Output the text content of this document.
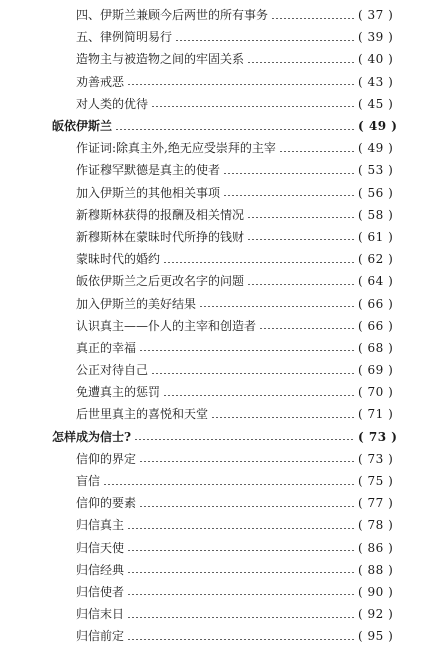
四、伊斯兰兼顾今后两世的所有事务	( 37 )
五、律例简明易行	( 39 )
造物主与被造物之间的牢固关系	( 40 )
劝善戒恶	( 43 )
对人类的优待	( 45 )
皈依伊斯兰	( 49 )
作证词:除真主外,绝无应受崇拜的主宰	( 49 )
作证穆罕默德是真主的使者	( 53 )
加入伊斯兰的其他相关事项	( 56 )
新穆斯林获得的报酬及相关情况	( 58 )
新穆斯林在蒙昧时代所挣的钱财	( 61 )
蒙昧时代的婚约	( 62 )
皈依伊斯兰之后更改名字的问题	( 64 )
加入伊斯兰的美好结果	( 66 )
认识真主——仆人的主宰和创造者	( 66 )
真正的幸福	( 68 )
公正对待自己	( 69 )
免遭真主的惩罚	( 70 )
后世里真主的喜悦和天堂	( 71 )
怎样成为信士?	( 73 )
信仰的界定	( 73 )
盲信	( 75 )
信仰的要素	( 77 )
归信真主	( 78 )
归信天使	( 86 )
归信经典	( 88 )
归信使者	( 90 )
归信末日	( 92 )
归信前定	( 95 )
